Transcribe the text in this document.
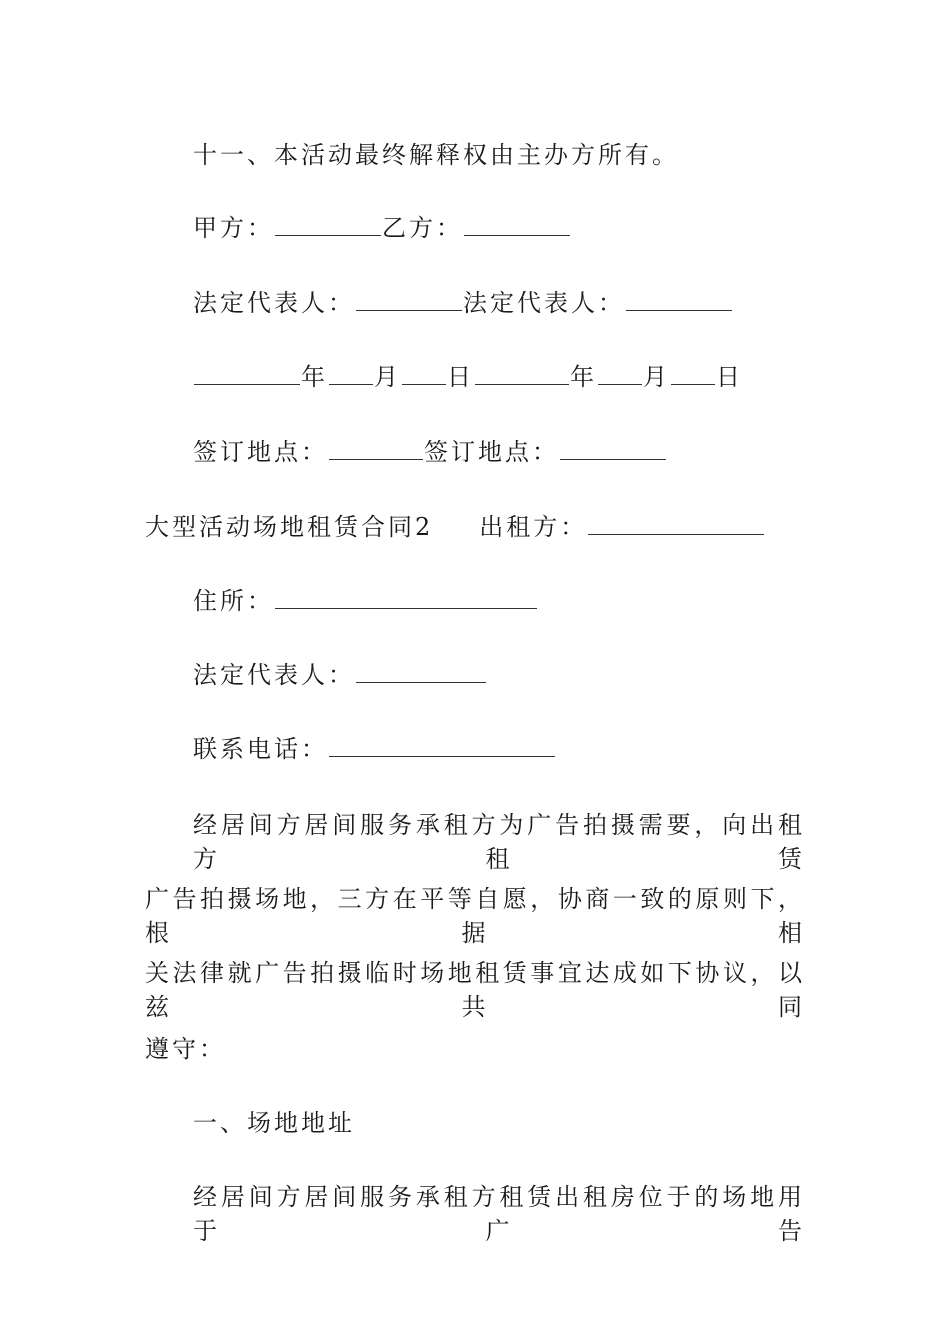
十一、本活动最终解释权由主办方所有。

甲方：	乙方：

法定代表人：	法定代表人：

年 月 日	年 月 日

签订地点：	签订地点：

大型活动场地租赁合同2 出租方：

住所：

法定代表人：

联系电话：

经居间方居间服务承租方为广告拍摄需要，向出租方租赁

广告拍摄场地，三方在平等自愿，协商一致的原则下，根据相

关法律就广告拍摄临时场地租赁事宜达成如下协议，以兹共同

遵守：

一、场地地址

经居间方居间服务承租方租赁出租房位于的场地用于广告
